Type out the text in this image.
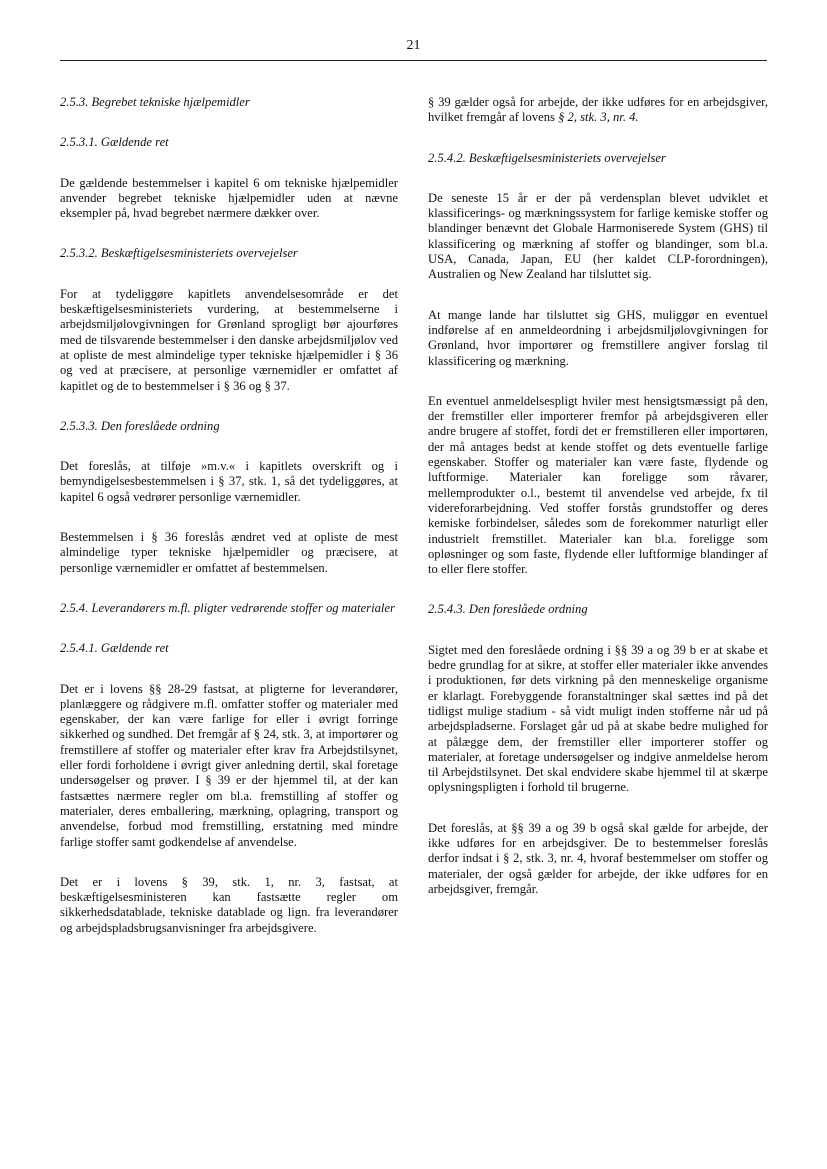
21

2.5.3. Begrebet tekniske hjælpemidler

2.5.3.1. Gældende ret

De gældende bestemmelser i kapitel 6 om tekniske hjælpemidler anvender begrebet tekniske hjælpemidler uden at nævne eksempler på, hvad begrebet nærmere dækker over.

2.5.3.2. Beskæftigelsesministeriets overvejelser

For at tydeliggøre kapitlets anvendelsesområde er det beskæftigelsesministeriets vurdering, at bestemmelserne i arbejdsmiljølovgivningen for Grønland sprogligt bør ajourføres med de tilsvarende bestemmelser i den danske arbejdsmiljølov ved at opliste de mest almindelige typer tekniske hjælpemidler i § 36 og ved at præcisere, at personlige værnemidler er omfattet af kapitlet og de to bestemmelser i § 36 og § 37.

2.5.3.3. Den foreslåede ordning

Det foreslås, at tilføje »m.v.« i kapitlets overskrift og i bemyndigelsesbestemmelsen i § 37, stk. 1, så det tydeliggøres, at kapitel 6 også vedrører personlige værnemidler.

Bestemmelsen i § 36 foreslås ændret ved at opliste de mest almindelige typer tekniske hjælpemidler og præcisere, at personlige værnemidler er omfattet af bestemmelsen.

2.5.4. Leverandørers m.fl. pligter vedrørende stoffer og materialer

2.5.4.1. Gældende ret

Det er i lovens §§ 28-29 fastsat, at pligterne for leverandører, planlæggere og rådgivere m.fl. omfatter stoffer og materialer med egenskaber, der kan være farlige for eller i øvrigt forringe sikkerhed og sundhed. Det fremgår af § 24, stk. 3, at importører og fremstillere af stoffer og materialer efter krav fra Arbejdstilsynet, eller fordi forholdene i øvrigt giver anledning dertil, skal foretage undersøgelser og prøver. I § 39 er der hjemmel til, at der kan fastsættes nærmere regler om bl.a. fremstilling af stoffer og materialer, deres emballering, mærkning, oplagring, transport og anvendelse, forbud mod fremstilling, erstatning med mindre farlige stoffer samt godkendelse af anvendelse.

Det er i lovens § 39, stk. 1, nr. 3, fastsat, at beskæftigelsesministeren kan fastsætte regler om sikkerhedsdatablade, tekniske datablade og lign. fra leverandører og arbejdspladsbrugsanvisninger fra arbejdsgivere.

§ 39 gælder også for arbejde, der ikke udføres for en arbejdsgiver, hvilket fremgår af lovens § 2, stk. 3, nr. 4.

2.5.4.2. Beskæftigelsesministeriets overvejelser

De seneste 15 år er der på verdensplan blevet udviklet et klassificerings- og mærkningssystem for farlige kemiske stoffer og blandinger benævnt det Globale Harmoniserede System (GHS) til klassificering og mærkning af stoffer og blandinger, som bl.a. USA, Canada, Japan, EU (her kaldet CLP-forordningen), Australien og New Zealand har tilsluttet sig.

At mange lande har tilsluttet sig GHS, muliggør en eventuel indførelse af en anmeldeordning i arbejdsmiljølovgivningen for Grønland, hvor importører og fremstillere angiver forslag til klassificering og mærkning.

En eventuel anmeldelsespligt hviler mest hensigtsmæssigt på den, der fremstiller eller importerer fremfor på arbejdsgiveren eller andre brugere af stoffet, fordi det er fremstilleren eller importøren, der må antages bedst at kende stoffet og dets eventuelle farlige egenskaber. Stoffer og materialer kan være faste, flydende og luftformige. Materialer kan foreligge som råvarer, mellemprodukter o.l., bestemt til anvendelse ved arbejde, fx til videreforarbejdning. Ved stoffer forstås grundstoffer og deres kemiske forbindelser, således som de forekommer naturligt eller industrielt fremstillet. Materialer kan bl.a. foreligge som opløsninger og som faste, flydende eller luftformige blandinger af to eller flere stoffer.

2.5.4.3. Den foreslåede ordning

Sigtet med den foreslåede ordning i §§ 39 a og 39 b er at skabe et bedre grundlag for at sikre, at stoffer eller materialer ikke anvendes i produktionen, før dets virkning på den menneskelige organisme er klarlagt. Forebyggende foranstaltninger skal sættes ind på det tidligst mulige stadium - så vidt muligt inden stofferne når ud på arbejdspladserne. Forslaget går ud på at skabe bedre mulighed for at pålægge dem, der fremstiller eller importerer stoffer og materialer, at foretage undersøgelser og indgive anmeldelse herom til Arbejdstilsynet. Det skal endvidere skabe hjemmel til at skærpe oplysningspligten i forhold til brugerne.

Det foreslås, at §§ 39 a og 39 b også skal gælde for arbejde, der ikke udføres for en arbejdsgiver. De to bestemmelser foreslås derfor indsat i § 2, stk. 3, nr. 4, hvoraf bestemmelser om stoffer og materialer, der også gælder for arbejde, der ikke udføres for en arbejdsgiver, fremgår.
